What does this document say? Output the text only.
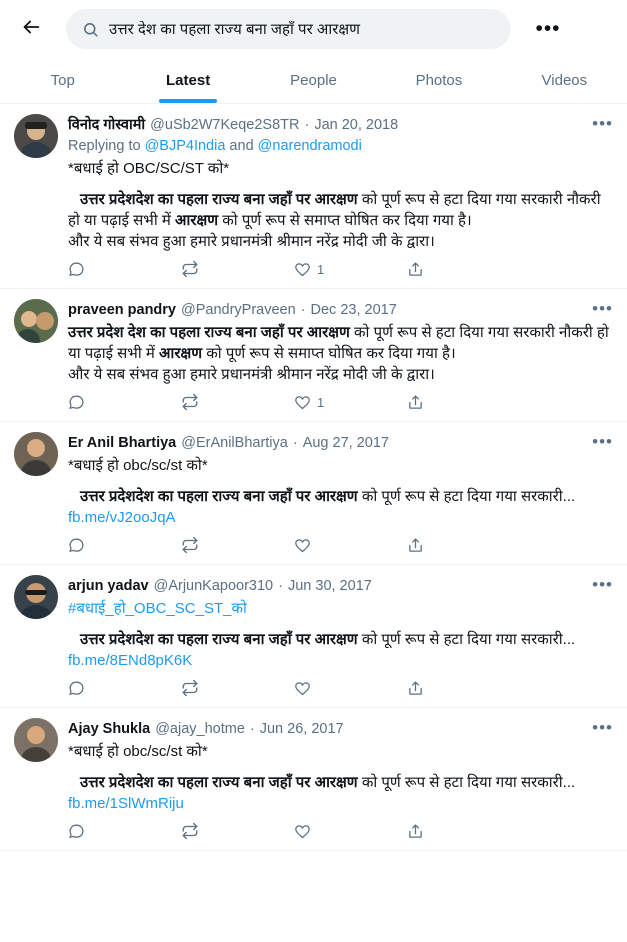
उत्तर देश का पहला राज्य बना जहाँ पर आरक्षण
•••
Top	Latest	People	Photos	Videos
विनोद गोस्वामी @uSb2W7Keqe2S8TR · Jan 20, 2018	•••
Replying to @BJP4India and @narendramodi
*बधाई हो OBC/SC/ST को*
उत्तर प्रदेशदेश का पहला राज्य बना जहाँ पर आरक्षण को पूर्ण रूप से हटा दिया गया सरकारी नौकरी हो या पढ़ाई सभी में आरक्षण को पूर्ण रूप से समाप्त घोषित कर दिया गया है।
और ये सब संभव हुआ हमारे प्रधानमंत्री श्रीमान नरेंद्र मोदी जी के द्वारा।
1
praveen pandry @PandryPraveen · Dec 23, 2017	•••
उत्तर प्रदेश देश का पहला राज्य बना जहाँ पर आरक्षण को पूर्ण रूप से हटा दिया गया सरकारी नौकरी हो या पढ़ाई सभी में आरक्षण को पूर्ण रूप से समाप्त घोषित कर दिया गया है।
और ये सब संभव हुआ हमारे प्रधानमंत्री श्रीमान नरेंद्र मोदी जी के द्वारा।
1
Er Anil Bhartiya @ErAnilBhartiya · Aug 27, 2017	•••
*बधाई हो obc/sc/st को*
उत्तर प्रदेशदेश का पहला राज्य बना जहाँ पर आरक्षण को पूर्ण रूप से हटा दिया गया सरकारी... fb.me/vJ2ooJqA
arjun yadav @ArjunKapoor310 · Jun 30, 2017	•••
#बधाई_हो_OBC_SC_ST_को
उत्तर प्रदेशदेश का पहला राज्य बना जहाँ पर आरक्षण को पूर्ण रूप से हटा दिया गया सरकारी... fb.me/8ENd8pK6K
Ajay Shukla @ajay_hotme · Jun 26, 2017	•••
*बधाई हो obc/sc/st को*
उत्तर प्रदेशदेश का पहला राज्य बना जहाँ पर आरक्षण को पूर्ण रूप से हटा दिया गया सरकारी... fb.me/1SlWmRiju
